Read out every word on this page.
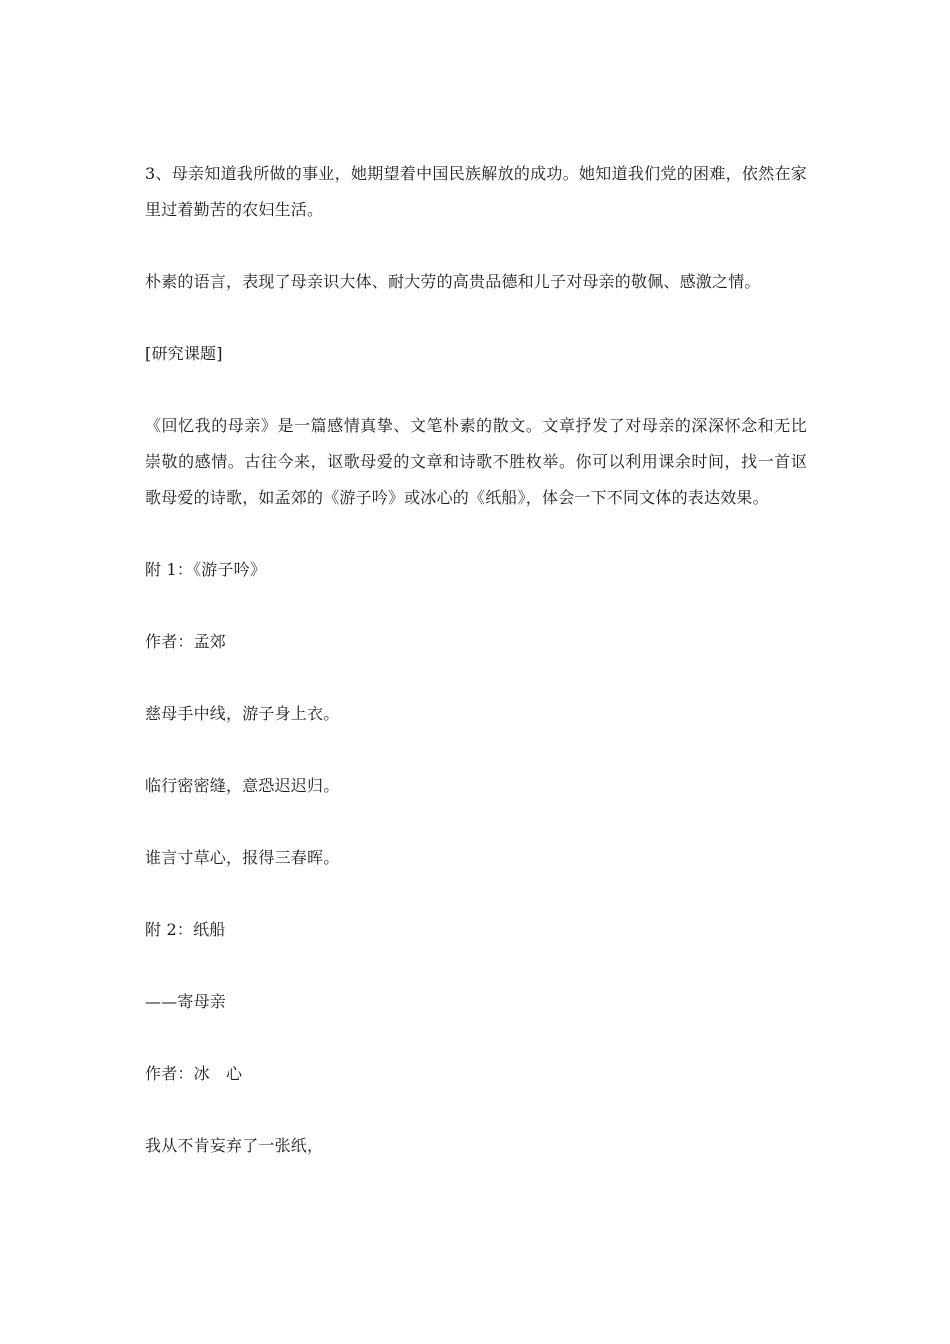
3、母亲知道我所做的事业，她期望着中国民族解放的成功。她知道我们党的困难，依然在家里过着勤苦的农妇生活。

朴素的语言，表现了母亲识大体、耐大劳的高贵品德和儿子对母亲的敬佩、感激之情。

[研究课题]

《回忆我的母亲》是一篇感情真挚、文笔朴素的散文。文章抒发了对母亲的深深怀念和无比崇敬的感情。古往今来，讴歌母爱的文章和诗歌不胜枚举。你可以利用课余时间，找一首讴歌母爱的诗歌，如孟郊的《游子吟》或冰心的《纸船》，体会一下不同文体的表达效果。

附 1：《游子吟》

作者：孟郊

慈母手中线，游子身上衣。

临行密密缝，意恐迟迟归。

谁言寸草心，报得三春晖。

附 2：纸船

——寄母亲

作者：冰　心

我从不肯妄弃了一张纸，
